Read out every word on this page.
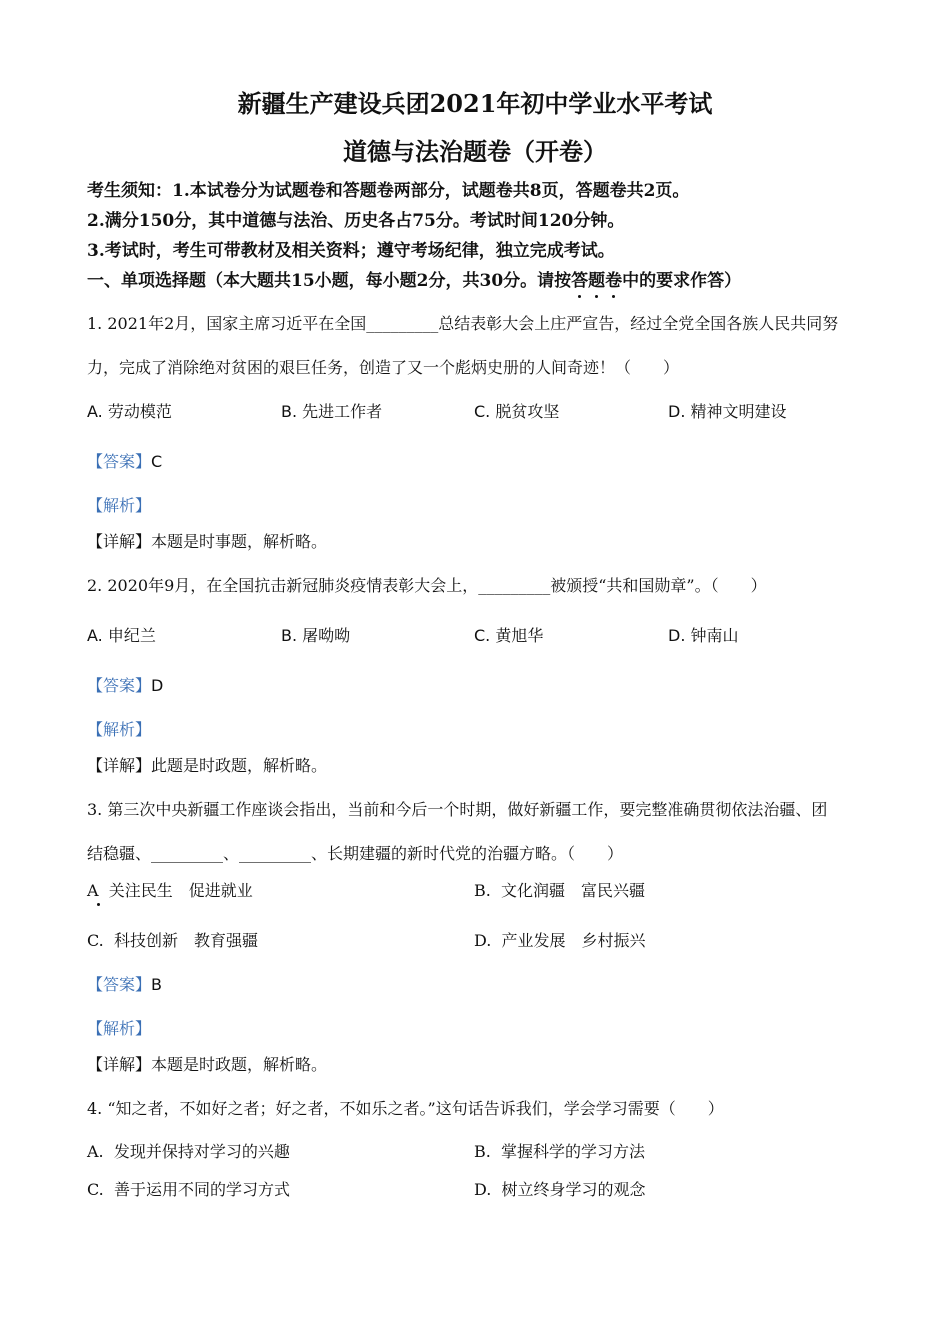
新疆生产建设兵团2021年初中学业水平考试
道德与法治题卷（开卷）
考生须知：1.本试卷分为试题卷和答题卷两部分，试题卷共8页，答题卷共2页。
2.满分150分，其中道德与法治、历史各占75分。考试时间120分钟。
3.考试时，考生可带教材及相关资料；遵守考场纪律，独立完成考试。
一、单项选择题（本大题共15小题，每小题2分，共30分。请按答
题
卷
中的要求作答）
1. 2021年2月，国家主席习近平在全国_________总结表彰大会上庄严宣告，经过全党全国各族人民共同努
力，完成了消除绝对贫困的艰巨任务，创造了又一个彪炳史册的人间奇迹！（　　）
A. 劳动模范	B. 先进工作者	C. 脱贫攻坚	D. 精神文明建设
【答案】C
【解析】
【详解】本题是时事题，解析略。
2. 2020年9月，在全国抗击新冠肺炎疫情表彰大会上，_________被颁授“共和国勋章”。（　　）
A. 申纪兰	B. 屠呦呦	C. 黄旭华	D. 钟南山
【答案】D
【解析】
【详解】此题是时政题，解析略。
3. 第三次中央新疆工作座谈会指出，当前和今后一个时期，做好新疆工作，要完整准确贯彻依法治疆、团
结稳疆、_________、_________、长期建疆的新时代党的治疆方略。（　　）
A 关注民生　促进就业	B. 文化润疆　富民兴疆
C. 科技创新　教育强疆	D. 产业发展　乡村振兴
【答案】B
【解析】
【详解】本题是时政题，解析略。
4. “知之者，不如好之者；好之者，不如乐之者。”这句话告诉我们，学会学习需要（　　）
A. 发现并保持对学习的兴趣	B. 掌握科学的学习方法
C. 善于运用不同的学习方式	D. 树立终身学习的观念
